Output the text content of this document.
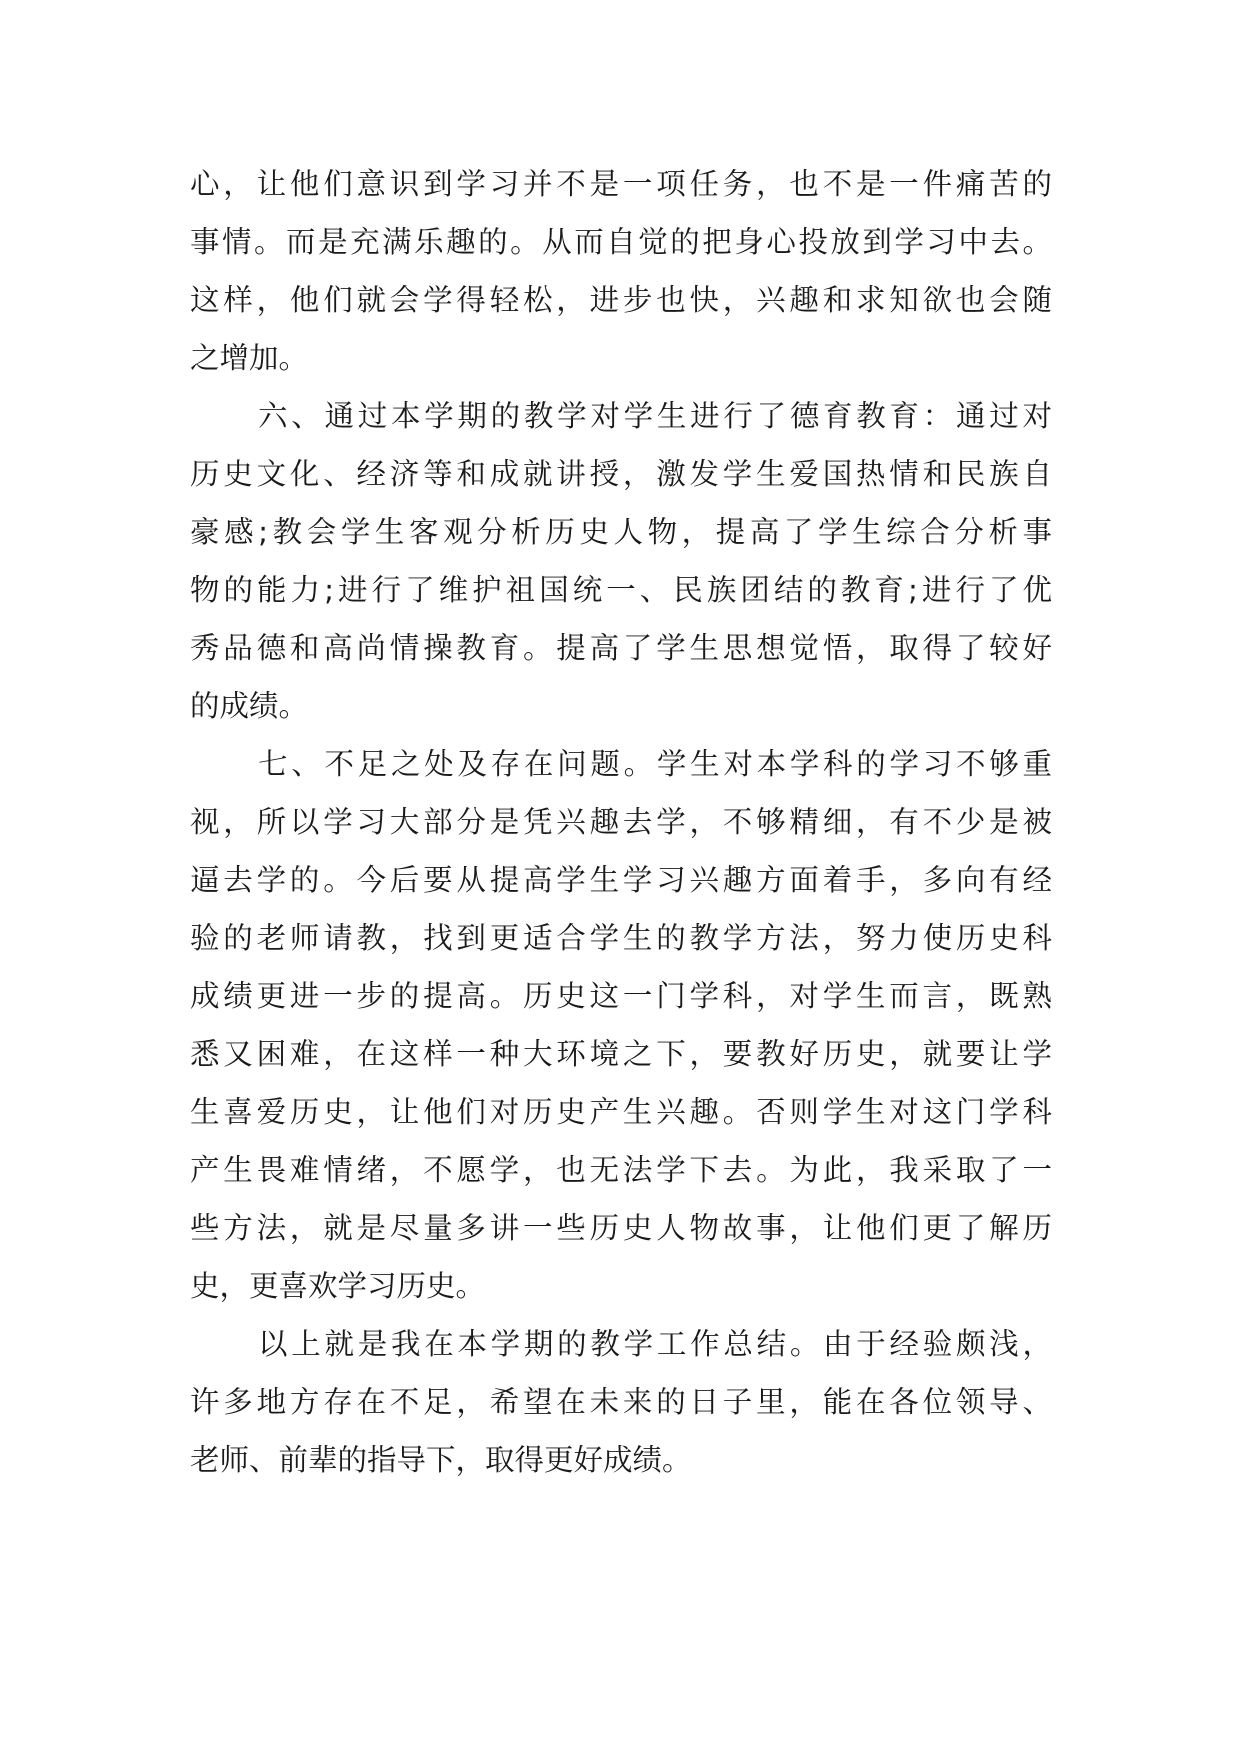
心，让他们意识到学习并不是一项任务，也不是一件痛苦的
事情。而是充满乐趣的。从而自觉的把身心投放到学习中去。
这样，他们就会学得轻松，进步也快，兴趣和求知欲也会随
之增加。
六、通过本学期的教学对学生进行了德育教育：通过对
历史文化、经济等和成就讲授，激发学生爱国热情和民族自
豪感;教会学生客观分析历史人物，提高了学生综合分析事
物的能力;进行了维护祖国统一、民族团结的教育;进行了优
秀品德和高尚情操教育。提高了学生思想觉悟，取得了较好
的成绩。
七、不足之处及存在问题。学生对本学科的学习不够重
视，所以学习大部分是凭兴趣去学，不够精细，有不少是被
逼去学的。今后要从提高学生学习兴趣方面着手，多向有经
验的老师请教，找到更适合学生的教学方法，努力使历史科
成绩更进一步的提高。历史这一门学科，对学生而言，既熟
悉又困难，在这样一种大环境之下，要教好历史，就要让学
生喜爱历史，让他们对历史产生兴趣。否则学生对这门学科
产生畏难情绪，不愿学，也无法学下去。为此，我采取了一
些方法，就是尽量多讲一些历史人物故事，让他们更了解历
史，更喜欢学习历史。
以上就是我在本学期的教学工作总结。由于经验颇浅，
许多地方存在不足，希望在未来的日子里，能在各位领导、
老师、前辈的指导下，取得更好成绩。
